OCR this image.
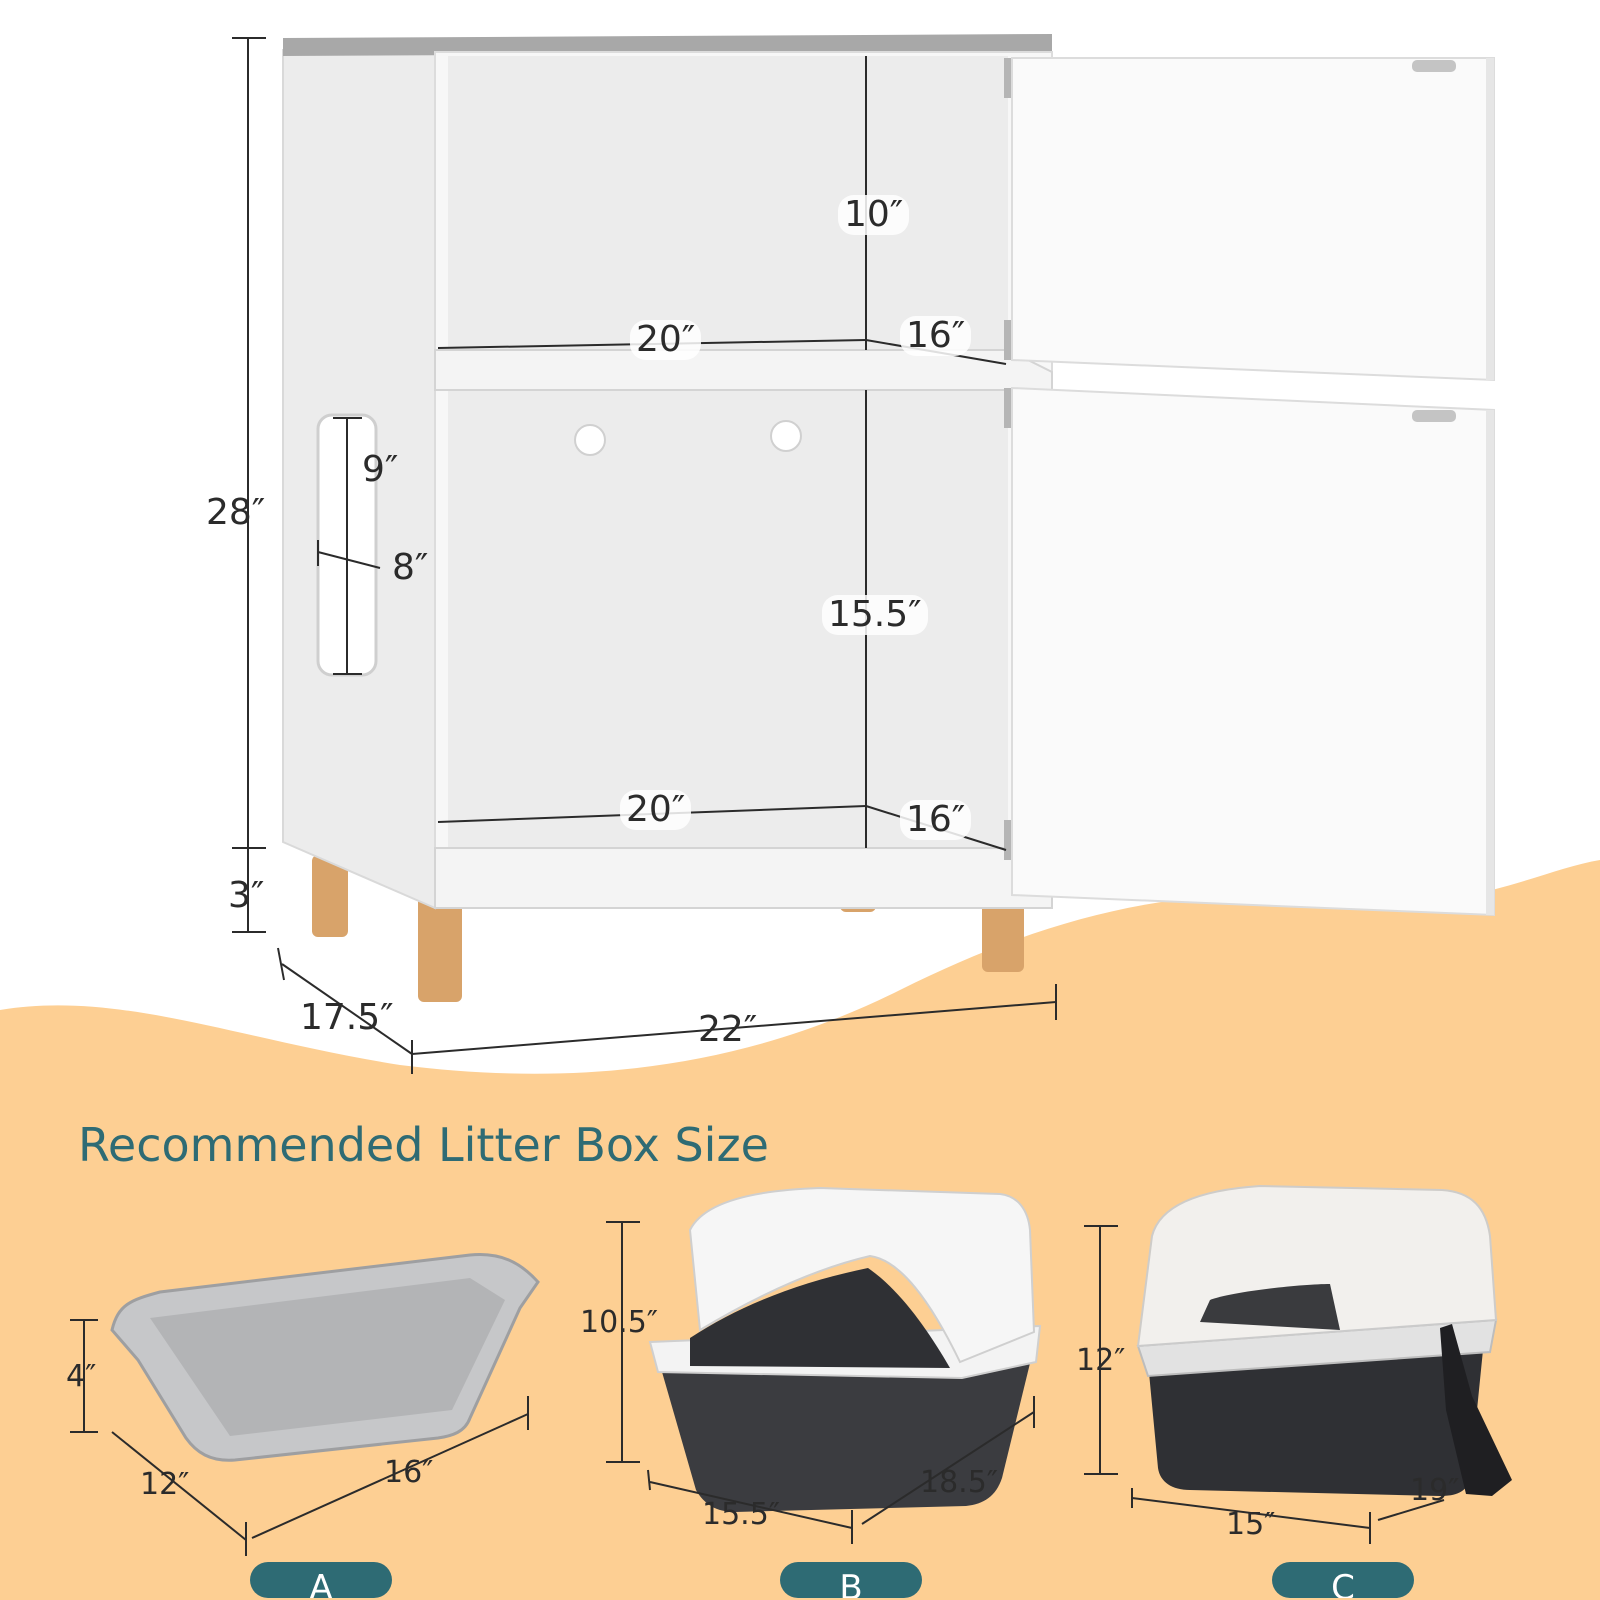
10″
20″	16″
15.5″
20″	16″
28″
3″
9″
8″
17.5″	22″
Recommended Litter Box Size
4″
12″	16″
A
10.5″
15.5″
18.5″
B
12″
15″
19″
C
